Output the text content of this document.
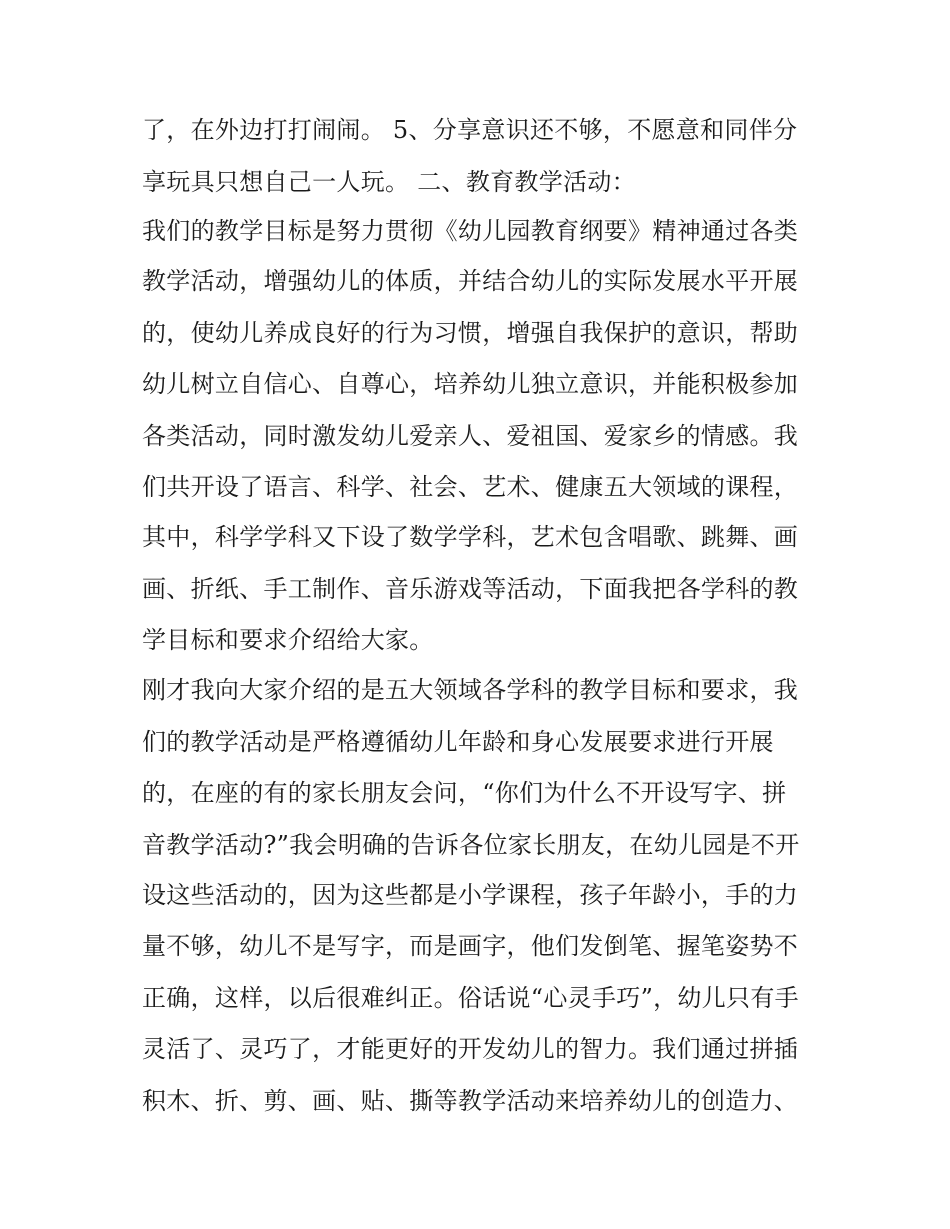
了，在外边打打闹闹。 5、分享意识还不够，不愿意和同伴分
享玩具只想自己一人玩。 二、教育教学活动：
我们的教学目标是努力贯彻《幼儿园教育纲要》精神通过各类
教学活动，增强幼儿的体质，并结合幼儿的实际发展水平开展
的，使幼儿养成良好的行为习惯，增强自我保护的意识，帮助
幼儿树立自信心、自尊心，培养幼儿独立意识，并能积极参加
各类活动，同时激发幼儿爱亲人、爱祖国、爱家乡的情感。我
们共开设了语言、科学、社会、艺术、健康五大领域的课程，
其中，科学学科又下设了数学学科，艺术包含唱歌、跳舞、画
画、折纸、手工制作、音乐游戏等活动，下面我把各学科的教
学目标和要求介绍给大家。
刚才我向大家介绍的是五大领域各学科的教学目标和要求，我
们的教学活动是严格遵循幼儿年龄和身心发展要求进行开展
的，在座的有的家长朋友会问，“你们为什么不开设写字、拼
音教学活动?”我会明确的告诉各位家长朋友，在幼儿园是不开
设这些活动的，因为这些都是小学课程，孩子年龄小，手的力
量不够，幼儿不是写字，而是画字，他们发倒笔、握笔姿势不
正确，这样，以后很难纠正。俗话说“心灵手巧”，幼儿只有手
灵活了、灵巧了，才能更好的开发幼儿的智力。我们通过拼插
积木、折、剪、画、贴、撕等教学活动来培养幼儿的创造力、
